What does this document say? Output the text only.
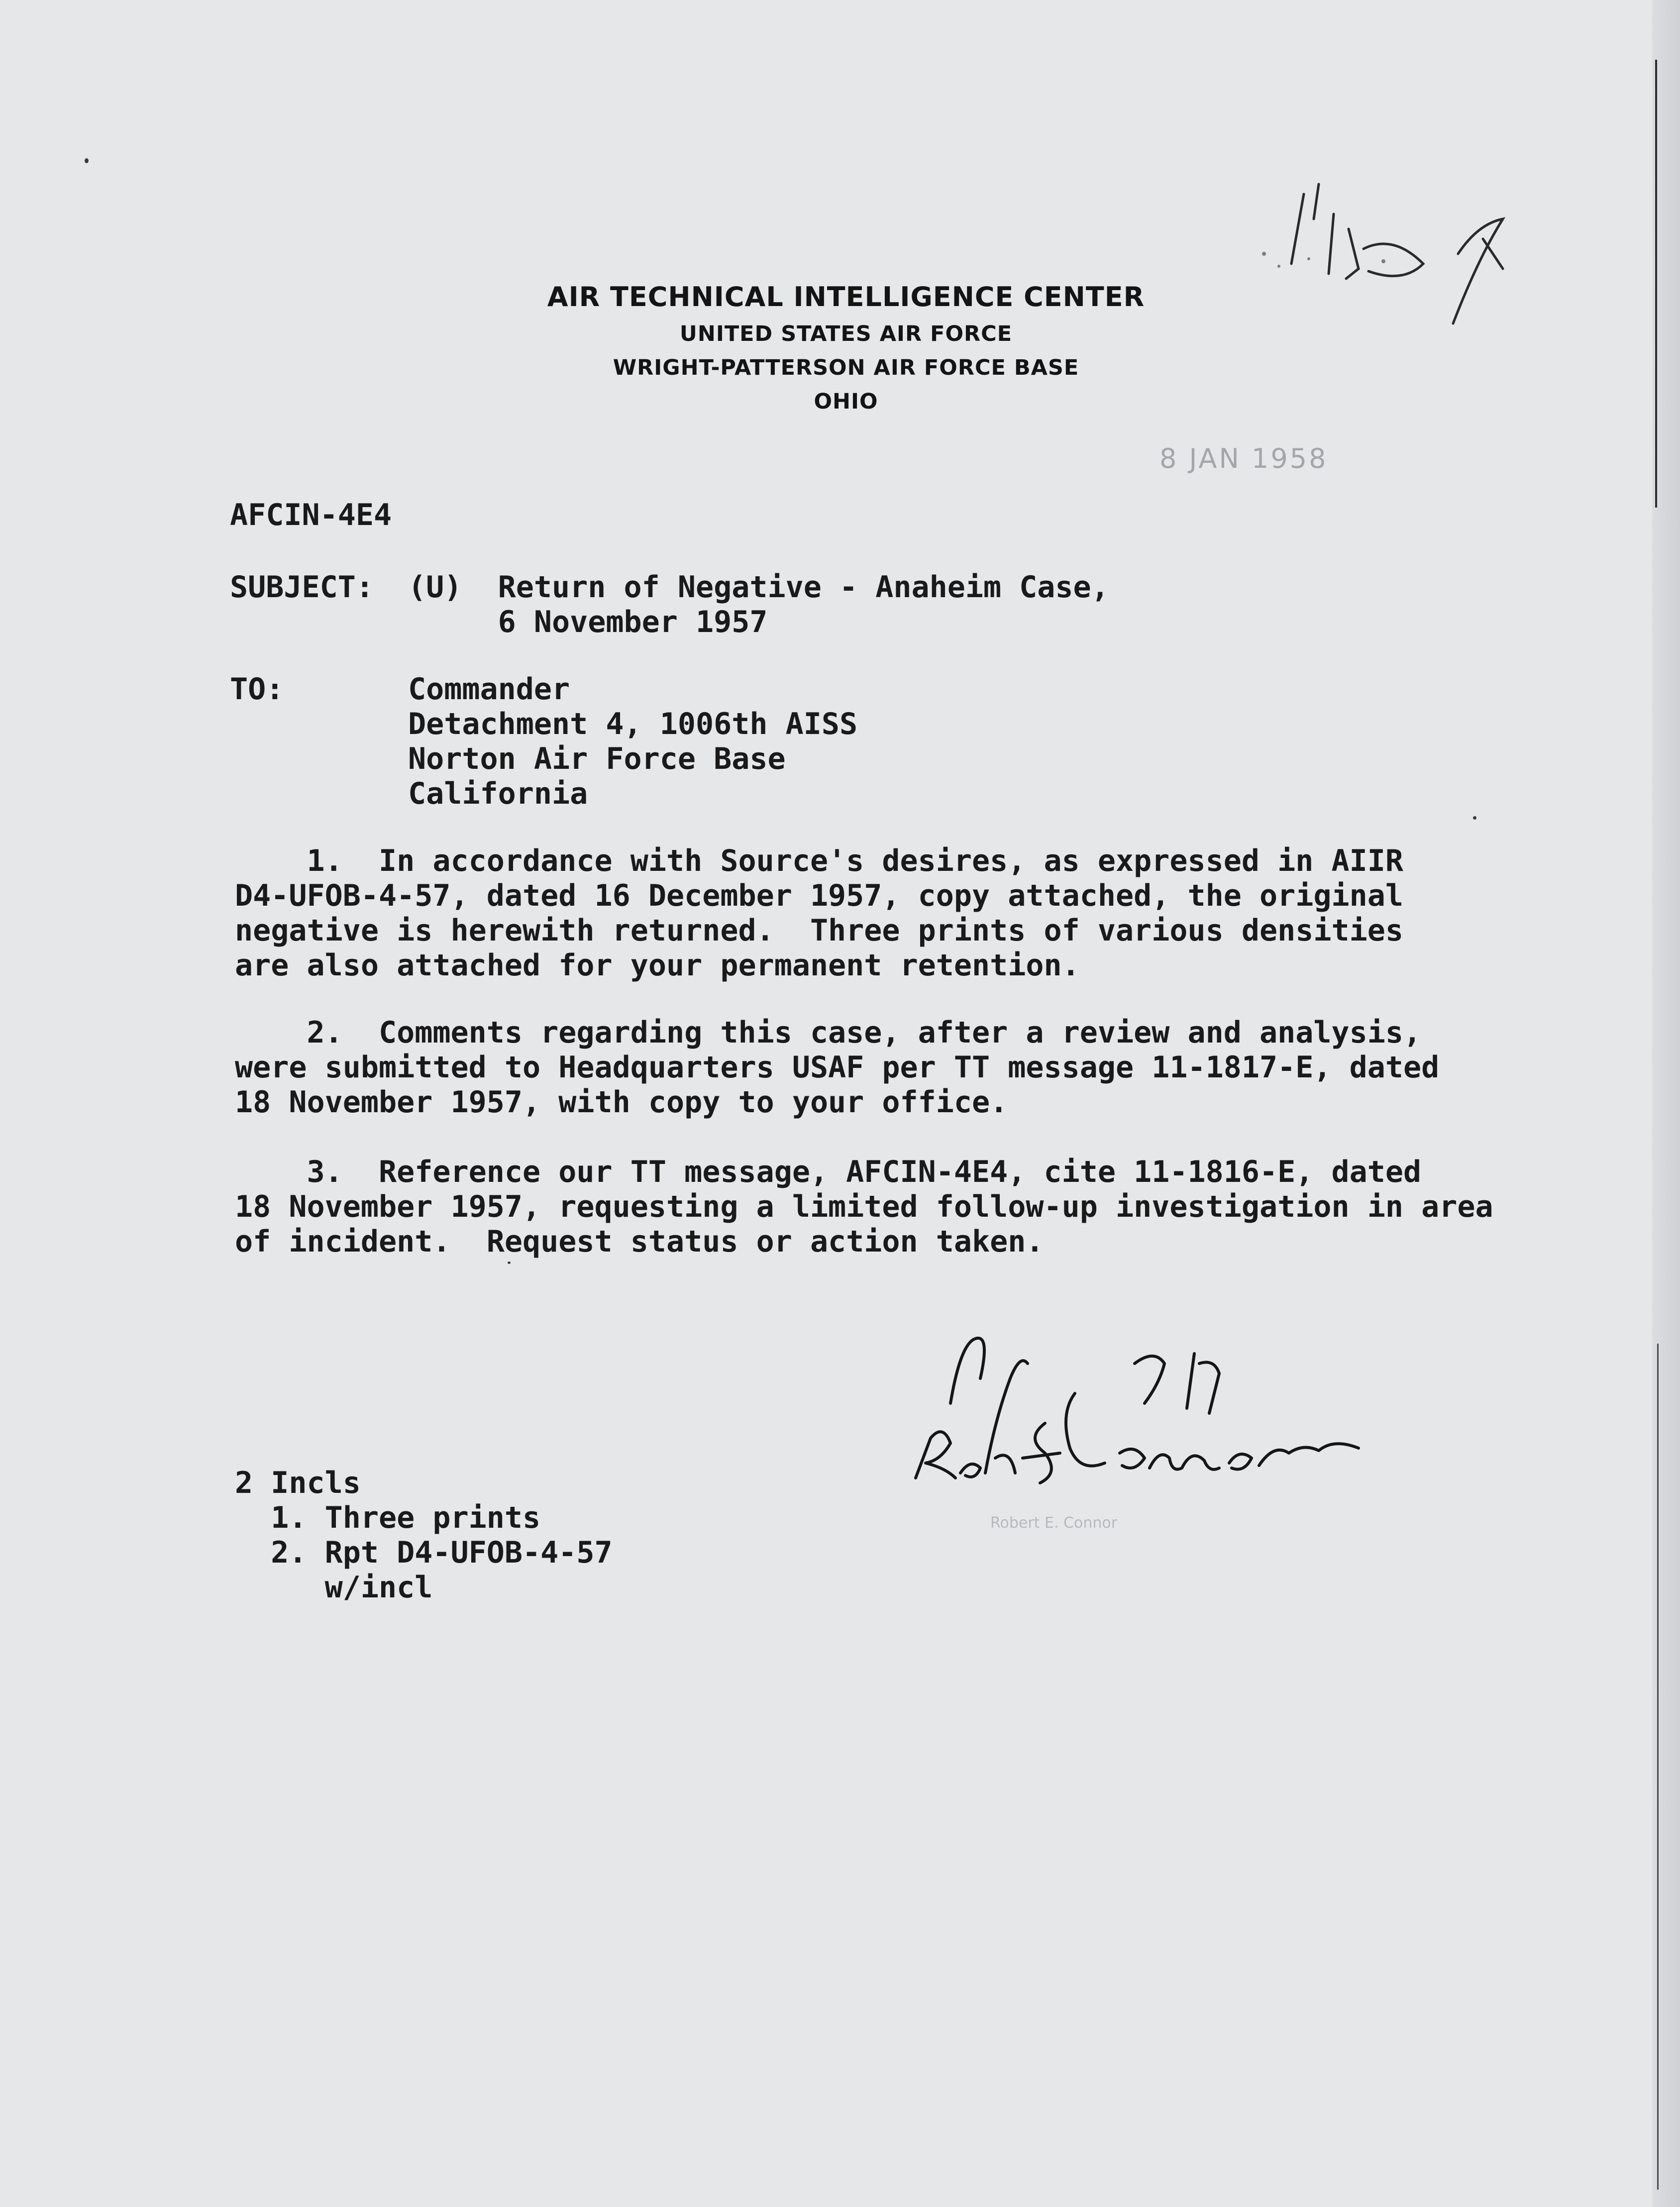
AIR TECHNICAL INTELLIGENCE CENTER
UNITED STATES AIR FORCE
WRIGHT-PATTERSON AIR FORCE BASE
OHIO
8 JAN 1958
AFCIN-4E4
SUBJECT: (U)  Return of Negative - Anaheim Case,
6 November 1957
TO:	Commander
Detachment 4, 1006th AISS
Norton Air Force Base
California
1.  In accordance with Source's desires, as expressed in AIIR
D4-UFOB-4-57, dated 16 December 1957, copy attached, the original
negative is herewith returned.  Three prints of various densities
are also attached for your permanent retention.
2.  Comments regarding this case, after a review and analysis,
were submitted to Headquarters USAF per TT message 11-1817-E, dated
18 November 1957, with copy to your office.
3.  Reference our TT message, AFCIN-4E4, cite 11-1816-E, dated
18 November 1957, requesting a limited follow-up investigation in area
of incident.  Request status or action taken.
Robert E. Connor
⠀
2 Incls
1. Three prints
2. Rpt D4-UFOB-4-57
w/incl
